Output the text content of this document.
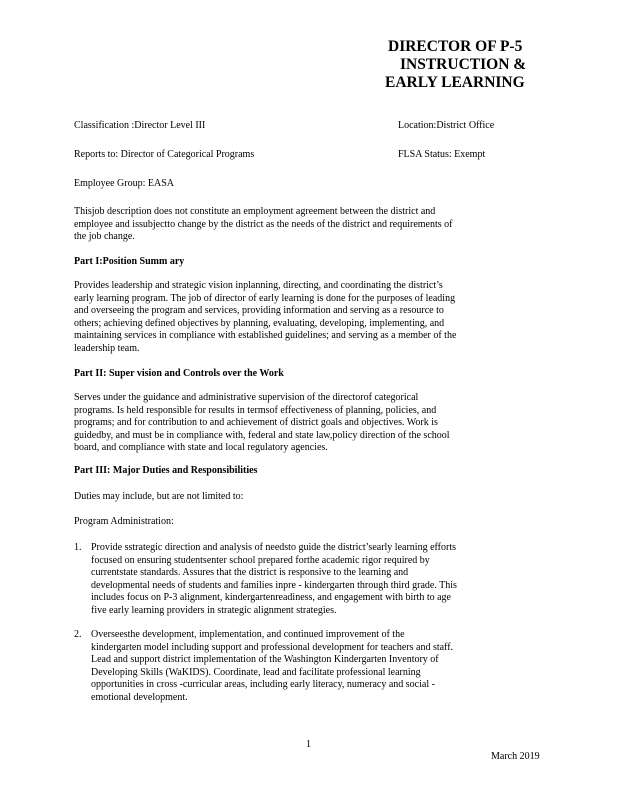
DIRECTOR OF P-5
INSTRUCTION &
EARLY LEARNING
Classification :Director Level III	Location:District Office
Reports to: Director of Categorical Programs	FLSA Status: Exempt
Employee Group: EASA
Thisjob description does not constitute an employment agreement between the district and
employee and issubjectto change by the district as the needs of the district and requirements of
the job change.
Part I:Position Summ ary
Provides leadership and strategic vision inplanning, directing, and coordinating the district’s
early learning program. The job of director of early learning is done for the purposes of leading
and overseeing the program and services, providing information and serving as a resource to
others; achieving defined objectives by planning, evaluating, developing, implementing, and
maintaining services in compliance with established guidelines; and serving as a member of the
leadership team.
Part II: Super vision and Controls over the Work
Serves under the guidance and administrative supervision of the directorof categorical
programs. Is held responsible for results in termsof effectiveness of planning, policies, and
programs; and for contribution to and achievement of district goals and objectives. Work is
guidedby, and must be in compliance with, federal and state law,policy direction of the school
board, and compliance with state and local regulatory agencies.
Part III: Major Duties and Responsibilities
Duties may include, but are not limited to:
Program Administration:
1. Provide sstrategic direction and analysis of needsto guide the district’searly learning efforts
focused on ensuring studentsenter school prepared forthe academic rigor required by
currentstate standards. Assures that the district is responsive to the learning and
developmental needs of students and families inpre - kindergarten through third grade. This
includes focus on P-3 alignment, kindergartenreadiness, and engagement with birth to age
five early learning providers in strategic alignment strategies.
2. Overseesthe development, implementation, and continued improvement of the
kindergarten model including support and professional development for teachers and staff.
Lead and support district implementation of the Washington Kindergarten Inventory of
Developing Skills (WaKIDS). Coordinate, lead and facilitate professional learning
opportunities in cross -curricular areas, including early literacy, numeracy and social -
emotional development.
1
March 2019
